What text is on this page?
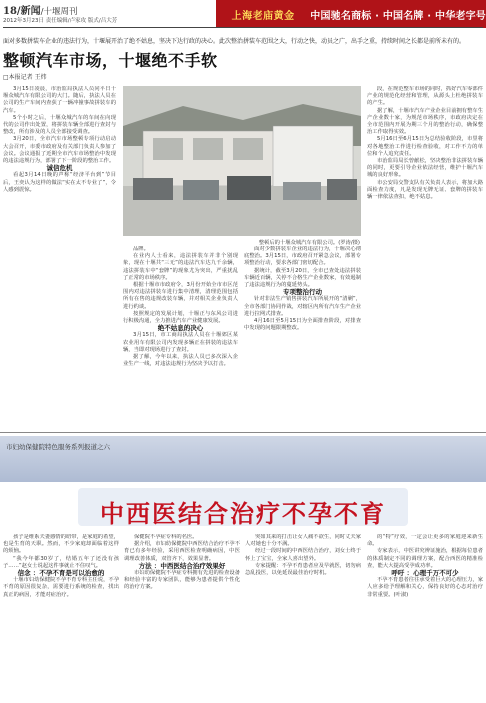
18/新闻/十堰周刊
2012年3月23日 责任编辑/卢家攻 版式/吕大芳	上海老庙黄金	中国驰名商标 · 中国名牌 · 中华老字号
面对多数拼装车企业的违法行为，十堰展开治了绝不姑息，坚决下达行政的决心。此次整治拼装车范围之大，行动之快，动员之广，出手之重，持续时间之长都是前所未有的。
整顿汽车市场，十堰绝不手软
□本报记者 王炜

3月15日凌晨，市治监局执法人员同平日十堰众城汽车有限公司的大门。随后，执法人员在公司的生产车间内查获了一辆冲撞事故拼装车的汽车。

5个小时之后，十堰众城汽车的车间在向现代的公司作出处置，将拼装车辆全部进行查封与整改，所有涉及的人员全部接受调查。

3月20日，全市汽车市场整顿专项行动启动大会召开，市委市政府及有关部门负责人参加了会议。会议通报了近期全市汽车市场整治中发现的违法违规行为，部署了下一阶段的整治工作。

诚信危机

看起3月14日晚的声称“经济平台到”节目后，王奕认为这样的做法“实在太不专业了”，令人感到震惊。

整顿后的十堰众城汽车有限公司。(罗涛/摄)

品牌。

在业内人士看来，违法拼装车并非个别现象，现在十堰共“三无”的违法汽车达九千余辆，违法拼装车中“套牌”的现象尤为突出，严重扰乱了正常的市场秩序。

根据十堰市市政府令，3月份开始全市市区范围内对违法拼装车进行集中清理，清理范围包括所有在售的违规改装车辆，并对相关企业负责人进行约谈。

按照规定的发展计划，十堰正与东风公司进行积极沟通，全力推进汽车产业健康发展。

绝不姑息的决心

3月15日，市工商局执法人员在十堰郊区某农业用车有限公司内发现多辆正在拼装的违法车辆，当即对现场进行了查封。

据了解，今年以来，执法人员已多次深入企业生产一线，对违法违规行为坚决予以打击。

面对少数拼装车企业的违法行为，十堰决心彻底整治。3月15日，市政府召开紧急会议，部署专项整治行动，要求各部门密切配合。

据统计，截至3月20日，全市已查处违法拼装车辆近百辆，关停不合格生产企业数家，有效遏制了违法违规行为的蔓延势头。

专项整治行动

针对非法生产销售拼装汽车所展开的“清剿”，全市各部门协同作战，对辖区内所有汽车生产企业进行拉网式排查。

4月16日至5月15日为全面排查阶段，对排查中发现的问题限期整改。

段，在规范整车市场的同时，抓好汽车零部件产业的规范化经营和管理，从源头上杜绝拼装车的产生。

据了解，十堰市汽车产业企业目前拥有整车生产企业数十家，为规范市场秩序，市政府决定在全市范围内开展为期三个月的整治行动，确保整治工作取得实效。

5月16日至6月15日为总结验收阶段，市里将对各地整治工作进行检查验收，对工作不力的单位和个人追究责任。

市治监局局长曾献松，坚决整治非法拼装车辆的同时，更要引导企业依法经营，维护十堰汽车城的良好形象。

市公安局交警支队有关负责人表示，将加大路面检查力度，凡是发现无牌无证、套牌的拼装车辆一律依法查扣，绝不姑息。

市妇幼保健院特色服务系列报道之六
中西医结合治疗不孕不育

孩子是维系夫妻感情的纽带，是家庭的希望，也是生育的天职。然而，不少家庭却面临着这样的烦恼。

“我今年都30岁了，结婚五年了还没有孩子……”赵女士说起这件事就止不住叹气。

信念 ：不孕不育是可以治愈的

十堰市妇幼保健院不孕不育专科主任说，不孕不育的原因很复杂，需要进行系统的检查，找出真正的病因，才能对症治疗。

保健院不孕症专科的名医。

据介绍，市妇幼保健院中西医结合治疗不孕不育已有多年经验，采用西医检查明确病因，中医调理改善体质，双管齐下，效果显著。

方法 ：中西医结合治疗效果好

市妇幼保健院不孕症专科拥有先进的检查设备和经验丰富的专家团队，能够为患者提供个性化的治疗方案。

突如其来的打击让女人痛不欲生，同时丈夫家人对她也十分不满。

经过一段时间的中西医结合治疗，刘女士终于怀上了宝宝，全家人喜出望外。

专家提醒：不孕不育患者应及早就医，切勿病急乱投医，以免延误最佳治疗时机。

的“特”疗效，一定会让更多的家庭迎来新生命。

专家表示，中医讲究辨证施治，根据每位患者的体质制定不同的调理方案，配合西医的精准检查，能大大提高受孕成功率。

呼吁 ：心理千万不可少

不孕不育患者往往承受着巨大的心理压力，家人应多给予理解和关心，保持良好的心态对治疗非常重要。(叶淑)
